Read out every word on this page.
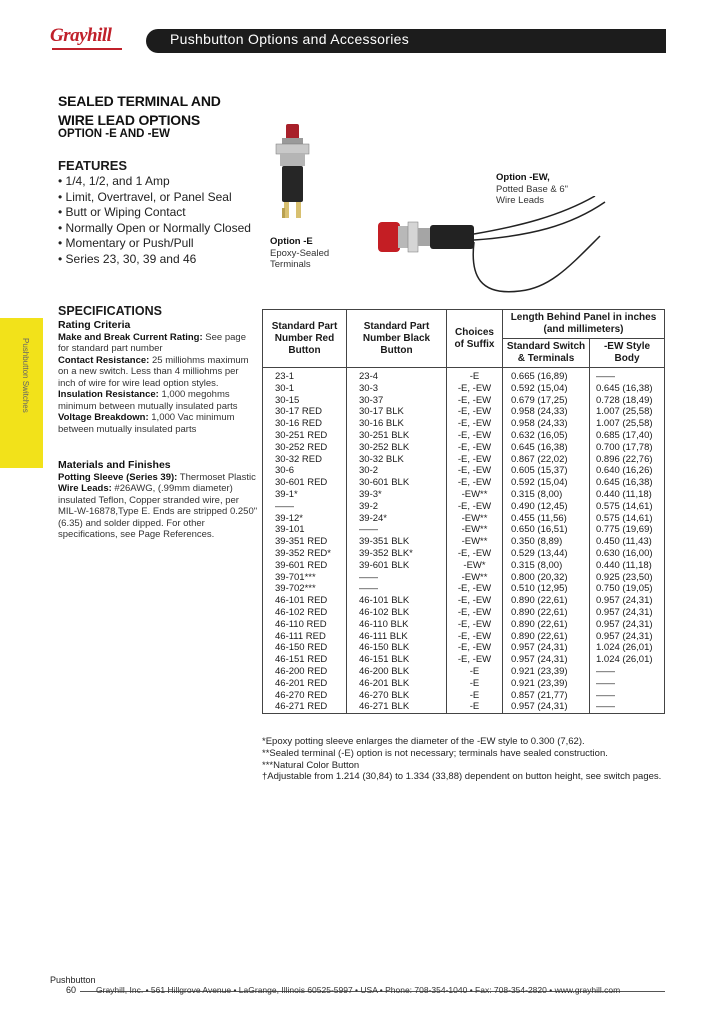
Grayhill	Pushbutton Options and Accessories
Pushbutton Switches
SEALED TERMINAL AND
WIRE LEAD OPTIONS
OPTION -E AND -EW
FEATURES
• 1/4, 1/2, and 1 Amp
• Limit, Overtravel, or Panel Seal
• Butt or Wiping Contact
• Normally Open or Normally Closed
• Momentary or Push/Pull
• Series 23, 30, 39 and 46
Option -E
Epoxy-Sealed
Terminals
Option -EW,
Potted Base & 6"
Wire Leads
SPECIFICATIONS
Rating Criteria
Make and Break Current Rating: See page for standard part number
Contact Resistance: 25 milliohms maximum on a new switch. Less than 4 milliohms per inch of wire for wire lead option styles.
Insulation Resistance: 1,000 megohms minimum between mutually insulated parts
Voltage Breakdown: 1,000 Vac minimum between mutually insulated parts
Materials and Finishes
Potting Sleeve (Series 39): Thermoset Plastic
Wire Leads: #26AWG, (.99mm diameter) insulated Teflon, Copper stranded wire, per MIL-W-16878,Type E. Ends are stripped 0.250" (6.35) and solder dipped. For other specifications, see Page References.
Standard Part Number Red Button	Standard Part Number Black Button	Choices of Suffix	Length Behind Panel in inches (and millimeters)	
			Standard Switch & Terminals	-EW Style Body
23-1	23-4	-E	0.665 (16,89)	——
30-1	30-3	-E, -EW	0.592 (15,04)	0.645 (16,38)
30-15	30-37	-E, -EW	0.679 (17,25)	0.728 (18,49)
30-17 RED	30-17 BLK	-E, -EW	0.958 (24,33)	1.007 (25,58)
30-16 RED	30-16 BLK	-E, -EW	0.958 (24,33)	1.007 (25,58)
30-251 RED	30-251 BLK	-E, -EW	0.632 (16,05)	0.685 (17,40)
30-252 RED	30-252 BLK	-E, -EW	0.645 (16,38)	0.700 (17,78)
30-32 RED	30-32 BLK	-E, -EW	0.867 (22,02)	0.896 (22,76)
30-6	30-2	-E, -EW	0.605 (15,37)	0.640 (16,26)
30-601 RED	30-601 BLK	-E, -EW	0.592 (15,04)	0.645 (16,38)
39-1*	39-3*	-EW**	0.315 (8,00)	0.440 (11,18)
——	39-2	-E, -EW	0.490 (12,45)	0.575 (14,61)
39-12*	39-24*	-EW**	0.455 (11,56)	0.575 (14,61)
39-101	——	-EW**	0.650 (16,51)	0.775 (19,69)
39-351 RED	39-351 BLK	-EW**	0.350 (8,89)	0.450 (11,43)
39-352 RED*	39-352 BLK*	-E, -EW	0.529 (13,44)	0.630 (16,00)
39-601 RED	39-601 BLK	-EW*	0.315 (8,00)	0.440 (11,18)
39-701***	——	-EW**	0.800 (20,32)	0.925 (23,50)
39-702***	——	-E, -EW	0.510 (12,95)	0.750 (19,05)
46-101 RED	46-101 BLK	-E, -EW	0.890 (22,61)	0.957 (24,31)
46-102 RED	46-102 BLK	-E, -EW	0.890 (22,61)	0.957 (24,31)
46-110 RED	46-110 BLK	-E, -EW	0.890 (22,61)	0.957 (24,31)
46-111 RED	46-111 BLK	-E, -EW	0.890 (22,61)	0.957 (24,31)
46-150 RED	46-150 BLK	-E, -EW	0.957 (24,31)	1.024 (26,01)
46-151 RED	46-151 BLK	-E, -EW	0.957 (24,31)	1.024 (26,01)
46-200 RED	46-200 BLK	-E	0.921 (23,39)	——
46-201 RED	46-201 BLK	-E	0.921 (23,39)	——
46-270 RED	46-270 BLK	-E	0.857 (21,77)	——
46-271 RED	46-271 BLK	-E	0.957 (24,31)	——
*Epoxy potting sleeve enlarges the diameter of the -EW style to 0.300 (7,62).
**Sealed terminal (-E) option is not necessary; terminals have sealed construction.
***Natural Color Button
†Adjustable from 1.214 (30,84) to 1.334 (33,88) dependent on button height, see switch pages.
Pushbutton
60 Grayhill, Inc. • 561 Hillgrove Avenue • LaGrange, Illinois 60525-5997 • USA • Phone: 708-354-1040 • Fax: 708-354-2820 • www.grayhill.com
